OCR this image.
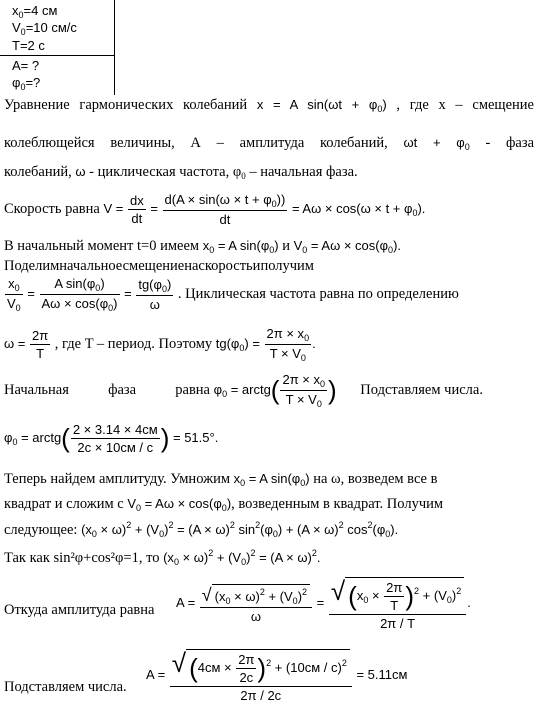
$x_0=4$ см
$V_0=10$ см/с
T=2 с
A= ?
$\varphi_0=$?
Уравнение гармонических колебаний x = A $\sin(\omega t + \varphi_0)$ , где x – смещение
колеблющейся величины, А – амплитуда колебаний, $\omega t + \varphi_0$ - фаза
колебаний, ω - циклическая частота, $\varphi_0$ – начальная фаза.
Скорость равна $V = \frac{dx}{dt} = \frac{d(A \times \sin(\omega \times t + \varphi_0))}{dt} = A\omega \times \cos(\omega \times t + \varphi_0)$.
В начальный момент t=0 имеем $x_0 = A$ $\sin(\varphi_0)$ и $V_0 = A\omega \times \cos(\varphi_0)$.
Поделимначальноесмещениенаскоростьиполучим
$\frac{x_0}{V_0} = \frac{A \sin(\varphi_0)}{A\omega \times \cos(\varphi_0)} = \frac{tg(\varphi_0)}{\omega}$ . Циклическая частота равна по определению
$\omega = \frac{2\pi}{T}$ , где T – период. Поэтому $tg(\varphi_0) = \frac{2\pi \times x_0}{T \times V_0}$ .
Начальная фаза равна $\varphi_0$ = arctg( $\frac{2\pi \times x_0}{T \times V_0}$ ) Подставляем числа.
$\varphi_0$ = arctg( $\frac{2 \times 3.14 \times 4см}{2с \times 10см / с}$ ) = 51.5°.
Теперь найдем амплитуду. Умножим $x_0 = A$ $\sin(\varphi_0)$ на ω, возведем все в
квадрат и сложим с $V_0 = A\omega \times \cos(\varphi_0)$, возведенным в квадрат. Получим
следующее: $(x_0 \times \omega)^2 + (V_0)^2 = (A \times \omega)^2$ $\sin^2(\varphi_0) + (A \times \omega)^2$ $\cos^2(\varphi_0)$.
Так как sin²φ+cos²φ=1, то $(x_0 \times \omega)^2 + (V_0)^2 = (A \times \omega)^2$.
Откуда амплитуда равна $A = \frac{√ (x_0 \times \omega)^2 + (V_0)^2}{\omega} = \frac{√ (x_0 \times \frac{2\pi}{T} )^2 + (V_0)^2}{2\pi / T}$ .
Подставляем числа.
$A = \frac{√ (4см \times \frac{2\pi}{2с} )^2 + (10см / с)^2}{2\pi / 2с} = 5.11см$
